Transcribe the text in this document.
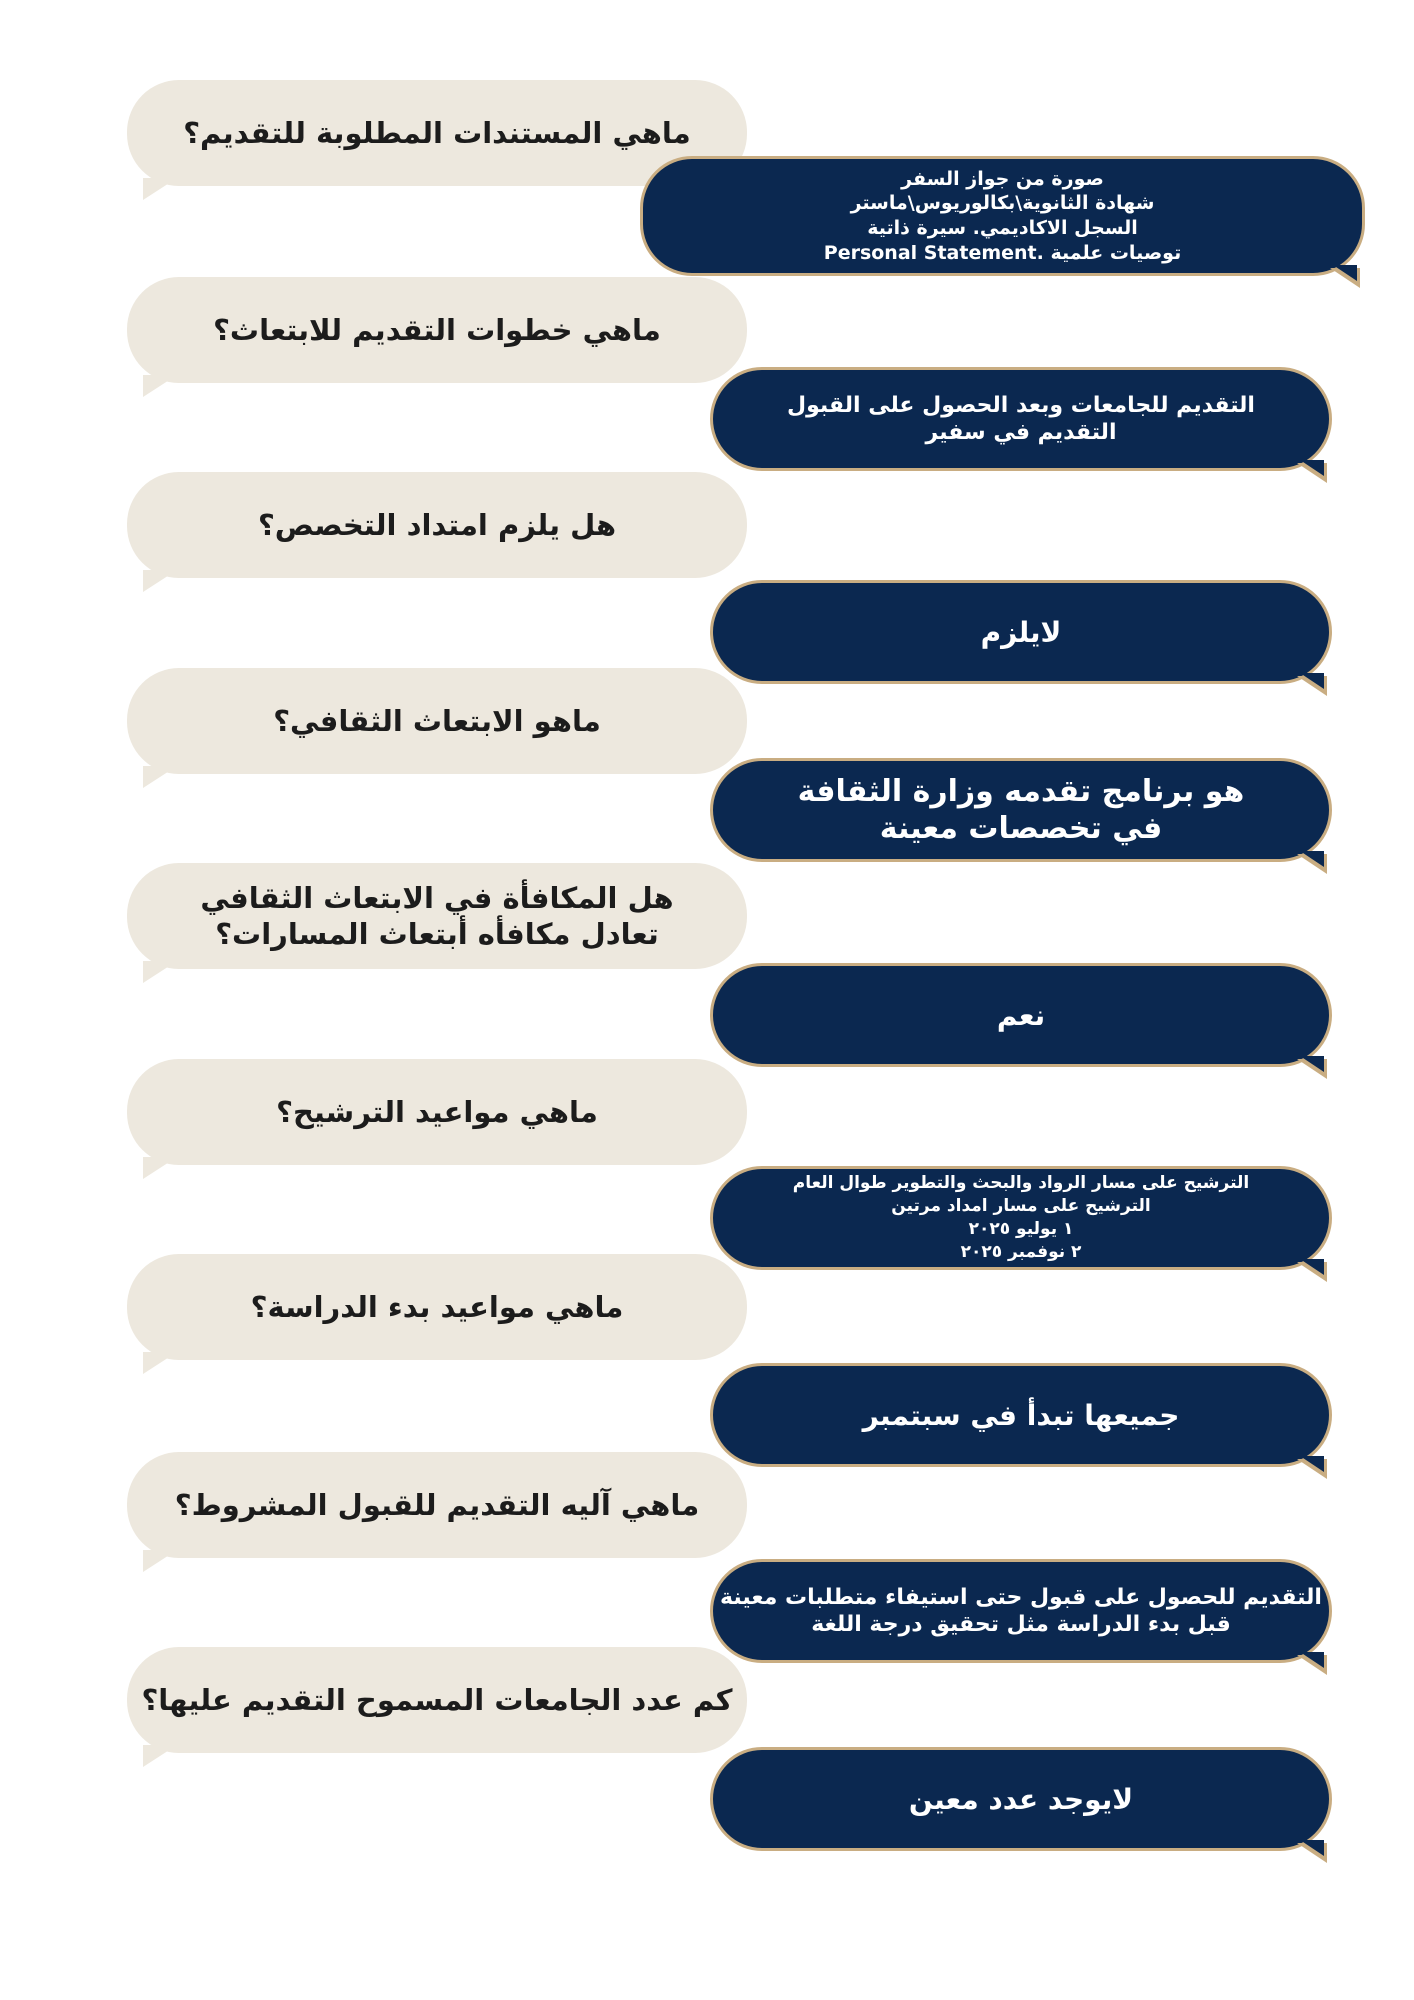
ماهي المستندات المطلوبة للتقديم؟
صورة من جواز السفر
شهادة الثانوية\بكالوريوس\ماستر
السجل الاكاديمي. سيرة ذاتية
توصيات علمية .Personal Statement
ماهي خطوات التقديم للابتعاث؟
التقديم للجامعات وبعد الحصول على القبول
التقديم في سفير
هل يلزم امتداد التخصص؟
لايلزم
ماهو الابتعاث الثقافي؟
هو برنامج تقدمه وزارة الثقافة
في تخصصات معينة
هل المكافأة في الابتعاث الثقافي
تعادل مكافأه أبتعاث المسارات؟
نعم
ماهي مواعيد الترشيح؟
الترشيح على مسار الرواد والبحث والتطوير طوال العام
الترشيح على مسار امداد مرتين
١ يوليو ٢٠٢٥
٢ نوفمبر ٢٠٢٥
ماهي مواعيد بدء الدراسة؟
جميعها تبدأ في سبتمبر
ماهي آليه التقديم للقبول المشروط؟
التقديم للحصول على قبول حتى استيفاء متطلبات معينة
قبل بدء الدراسة مثل تحقيق درجة اللغة
كم عدد الجامعات المسموح التقديم عليها؟
لايوجد عدد معين
